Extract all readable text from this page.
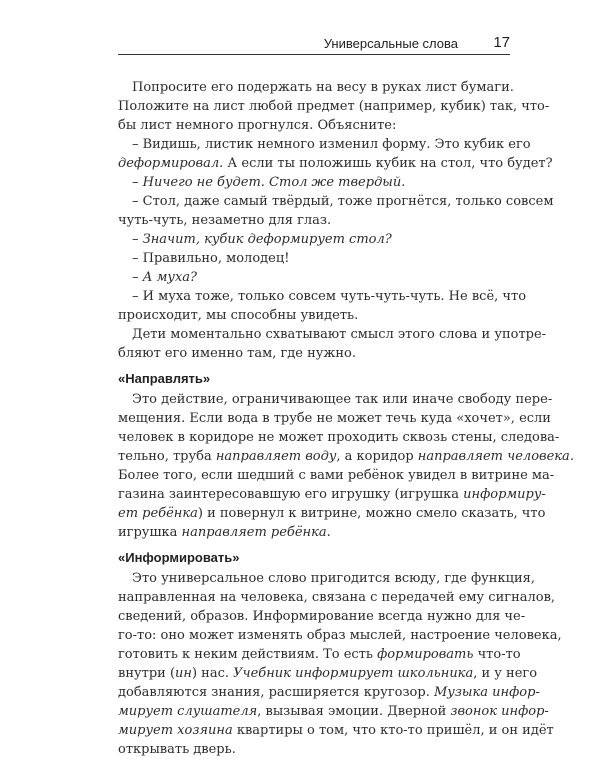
Универсальные слова 17
Попросите его подержать на весу в руках лист бумаги.
Положите на лист любой предмет (например, кубик) так, что-
бы лист немного прогнулся. Объясните:
– Видишь, листик немного изменил форму. Это кубик его
деформировал. А если ты положишь кубик на стол, что будет?
– Ничего не будет. Стол же твердый.
– Стол, даже самый твёрдый, тоже прогнётся, только совсем
чуть-чуть, незаметно для глаз.
– Значит, кубик деформирует стол?
– Правильно, молодец!
– А муха?
– И муха тоже, только совсем чуть-чуть-чуть. Не всё, что
происходит, мы способны увидеть.
Дети моментально схватывают смысл этого слова и употре-
бляют его именно там, где нужно.
«Направлять»
Это действие, ограничивающее так или иначе свободу пере-
мещения. Если вода в трубе не может течь куда «хочет», если
человек в коридоре не может проходить сквозь стены, следова-
тельно, труба направляет воду, а коридор направляет человека.
Более того, если шедший с вами ребёнок увидел в витрине ма-
газина заинтересовавшую его игрушку (игрушка информиру-
ет ребёнка) и повернул к витрине, можно смело сказать, что
игрушка направляет ребёнка.
«Информировать»
Это универсальное слово пригодится всюду, где функция,
направленная на человека, связана с передачей ему сигналов,
сведений, образов. Информирование всегда нужно для че-
го-то: оно может изменять образ мыслей, настроение человека,
готовить к неким действиям. То есть формировать что-то
внутри (ин) нас. Учебник информирует школьника, и у него
добавляются знания, расширяется кругозор. Музыка инфор-
мирует слушателя, вызывая эмоции. Дверной звонок инфор-
мирует хозяина квартиры о том, что кто-то пришёл, и он идёт
открывать дверь.
